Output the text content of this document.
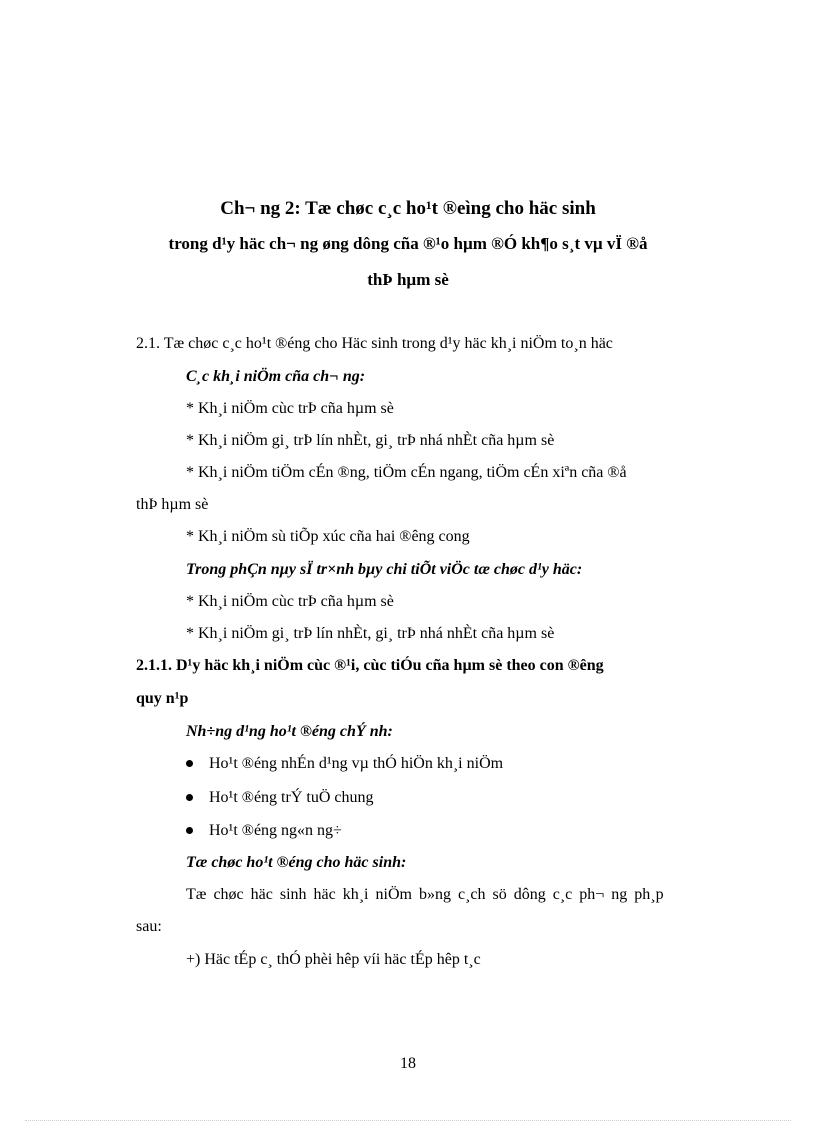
Ch¬ ng 2: Tæ chøc c¸c ho¹t ®eìng cho häc sinh
trong d¹y häc ch¬ ng øng dông cña ®¹o hµm ®Ó kh¶o s¸t vµ vÏ ®å
thÞ hµm sè
2.1. Tæ chøc c¸c ho¹t ®éng cho Häc sinh trong d¹y häc kh¸i niÖm to¸n häc
C¸c kh¸i niÖm cña ch¬ ng:
* Kh¸i niÖm cùc trÞ cña hµm sè
* Kh¸i niÖm gi¸ trÞ lín nhÈt, gi¸ trÞ nhá nhÈt cña hµm sè
* Kh¸i niÖm tiÖm cÉn ®ng, tiÖm cÉn ngang, tiÖm cÉn xiªn cña ®å
thÞ hµm sè
* Kh¸i niÖm sù tiÕp xúc cña hai ®êng cong
Trong phÇn nµy sÏ tr×nh bµy chi tiÕt viÖc tæ chøc d¹y häc:
* Kh¸i niÖm cùc trÞ cña hµm sè
* Kh¸i niÖm gi¸ trÞ lín nhÈt, gi¸ trÞ nhá nhÈt cña hµm sè
2.1.1. D¹y häc kh¸i niÖm cùc ®¹i, cùc tiÓu cña hµm sè theo con ®êng
quy n¹p
Nh÷ng d¹ng ho¹t ®éng chÝ nh:
Ho¹t ®éng nhÉn d¹ng vµ thÓ hiÖn kh¸i niÖm
Ho¹t ®éng trÝ tuÖ chung
Ho¹t ®éng ng«n ng÷
Tæ chøc ho¹t ®éng cho häc sinh:
Tæ chøc häc sinh häc kh¸i niÖm b»ng c¸ch sö dông c¸c ph¬ ng ph¸p
sau:
+) Häc tÉp c¸ thÓ phèi hêp víi häc tÉp hêp t¸c
18
